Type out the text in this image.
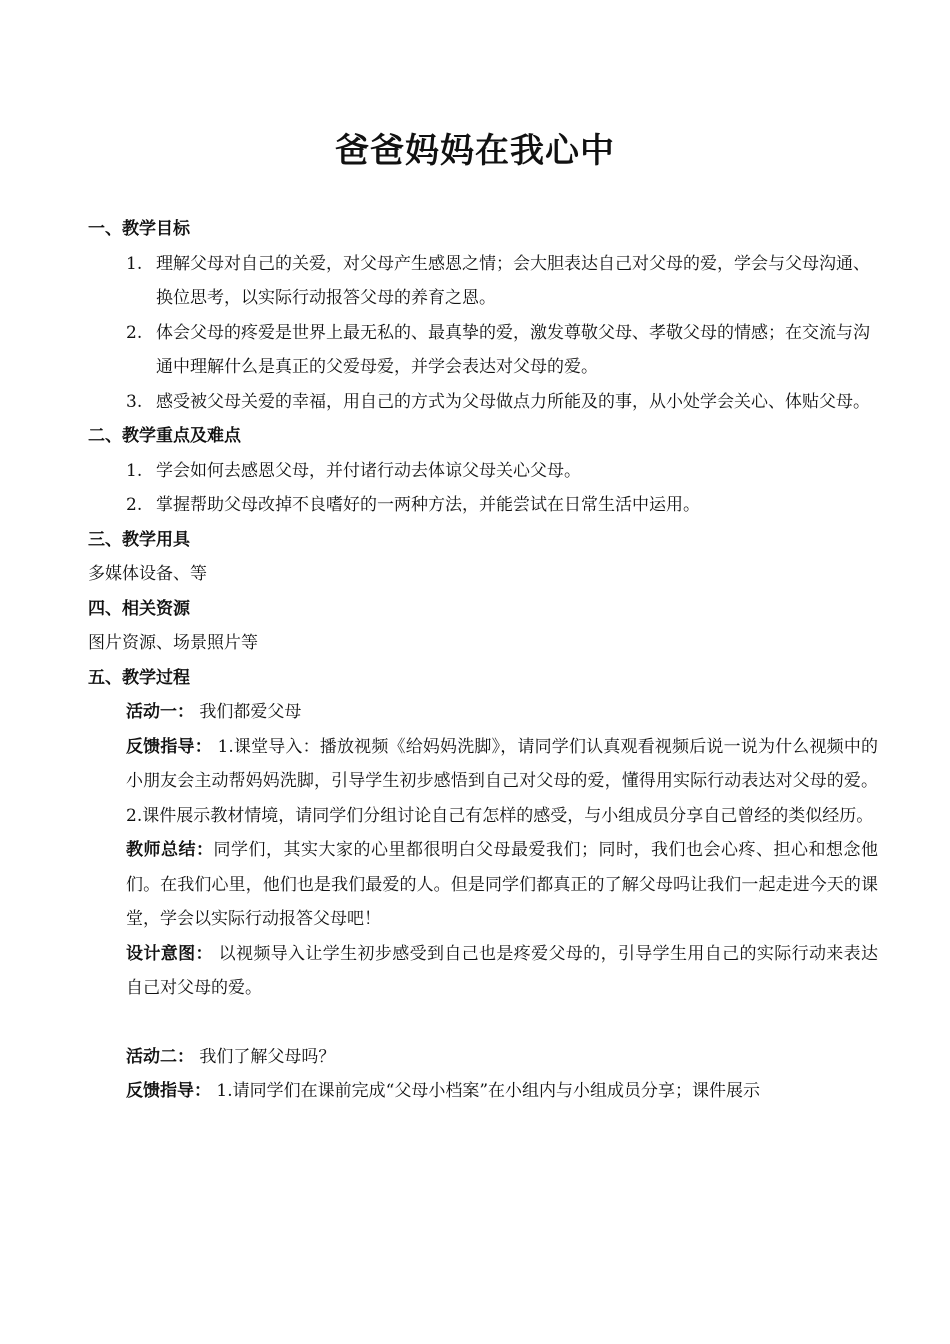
爸爸妈妈在我心中

一、教学目标

1. 理解父母对自己的关爱，对父母产生感恩之情；会大胆表达自己对父母的爱，学会与父母沟通、换位思考，以实际行动报答父母的养育之恩。
2. 体会父母的疼爱是世界上最无私的、最真挚的爱，激发尊敬父母、孝敬父母的情感；在交流与沟通中理解什么是真正的父爱母爱，并学会表达对父母的爱。
3. 感受被父母关爱的幸福，用自己的方式为父母做点力所能及的事，从小处学会关心、体贴父母。

二、教学重点及难点

1. 学会如何去感恩父母，并付诸行动去体谅父母关心父母。
2. 掌握帮助父母改掉不良嗜好的一两种方法，并能尝试在日常生活中运用。

三、教学用具

多媒体设备、等

四、相关资源

图片资源、场景照片等

五、教学过程

活动一： 我们都爱父母

反馈指导： 1.课堂导入：播放视频《给妈妈洗脚》，请同学们认真观看视频后说一说为什么视频中的小朋友会主动帮妈妈洗脚，引导学生初步感悟到自己对父母的爱，懂得用实际行动表达对父母的爱。 2.课件展示教材情境，请同学们分组讨论自己有怎样的感受，与小组成员分享自己曾经的类似经历。

教师总结：同学们，其实大家的心里都很明白父母最爱我们；同时，我们也会心疼、担心和想念他们。在我们心里，他们也是我们最爱的人。但是同学们都真正的了解父母吗让我们一起走进今天的课堂，学会以实际行动报答父母吧！

设计意图： 以视频导入让学生初步感受到自己也是疼爱父母的，引导学生用自己的实际行动来表达自己对父母的爱。

活动二： 我们了解父母吗？

反馈指导： 1.请同学们在课前完成“父母小档案”在小组内与小组成员分享；课件展示
